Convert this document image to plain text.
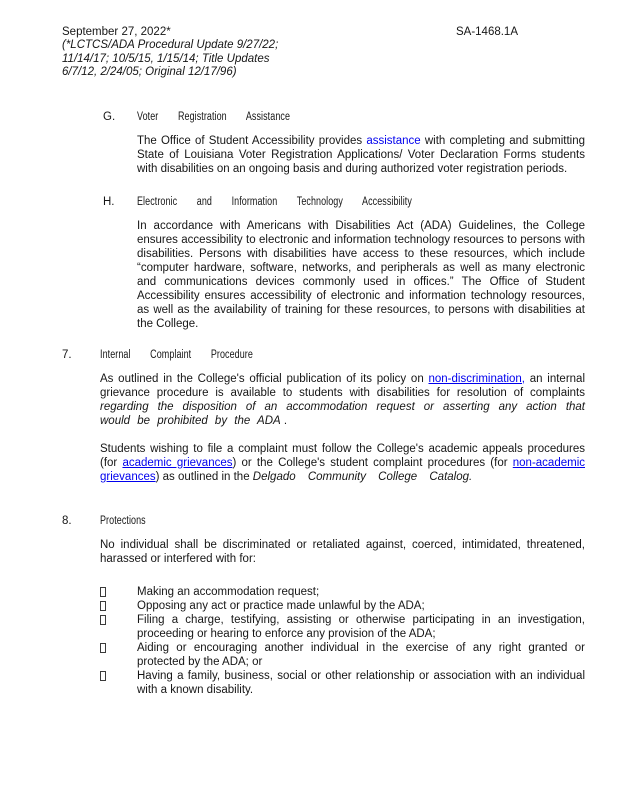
September 27, 2022*	SA-1468.1A
(*LCTCS/ADA Procedural Update 9/27/22;
11/14/17; 10/5/15, 1/15/14; Title Updates
6/7/12, 2/24/05; Original 12/17/96)
G. Voter Registration Assistance

The Office of Student Accessibility provides assistance with completing and submitting State of Louisiana Voter Registration Applications/ Voter Declaration Forms students with disabilities on an ongoing basis and during authorized voter registration periods.

H. Electronic and Information Technology Accessibility

In accordance with Americans with Disabilities Act (ADA) Guidelines, the College ensures accessibility to electronic and information technology resources to persons with disabilities. Persons with disabilities have access to these resources, which include “computer hardware, software, networks, and peripherals as well as many electronic and communications devices commonly used in offices.” The Office of Student Accessibility ensures accessibility of electronic and information technology resources, as well as the availability of training for these resources, to persons with disabilities at the College.

7. Internal Complaint Procedure

As outlined in the College's official publication of its policy on non-discrimination, an internal grievance procedure is available to students with disabilities for resolution of complaints regarding the disposition of an accommodation request or asserting any action that would be prohibited by the ADA .

Students wishing to file a complaint must follow the College's academic appeals procedures (for academic grievances) or the College's student complaint procedures (for non-academic grievances) as outlined in the Delgado Community College Catalog.

8. Protections

No individual shall be discriminated or retaliated against, coerced, intimidated, threatened, harassed or interfered with for:

Making an accommodation request;
Opposing any act or practice made unlawful by the ADA;
Filing a charge, testifying, assisting or otherwise participating in an investigation, proceeding or hearing to enforce any provision of the ADA;
Aiding or encouraging another individual in the exercise of any right granted or protected by the ADA; or
Having a family, business, social or other relationship or association with an individual with a known disability.
